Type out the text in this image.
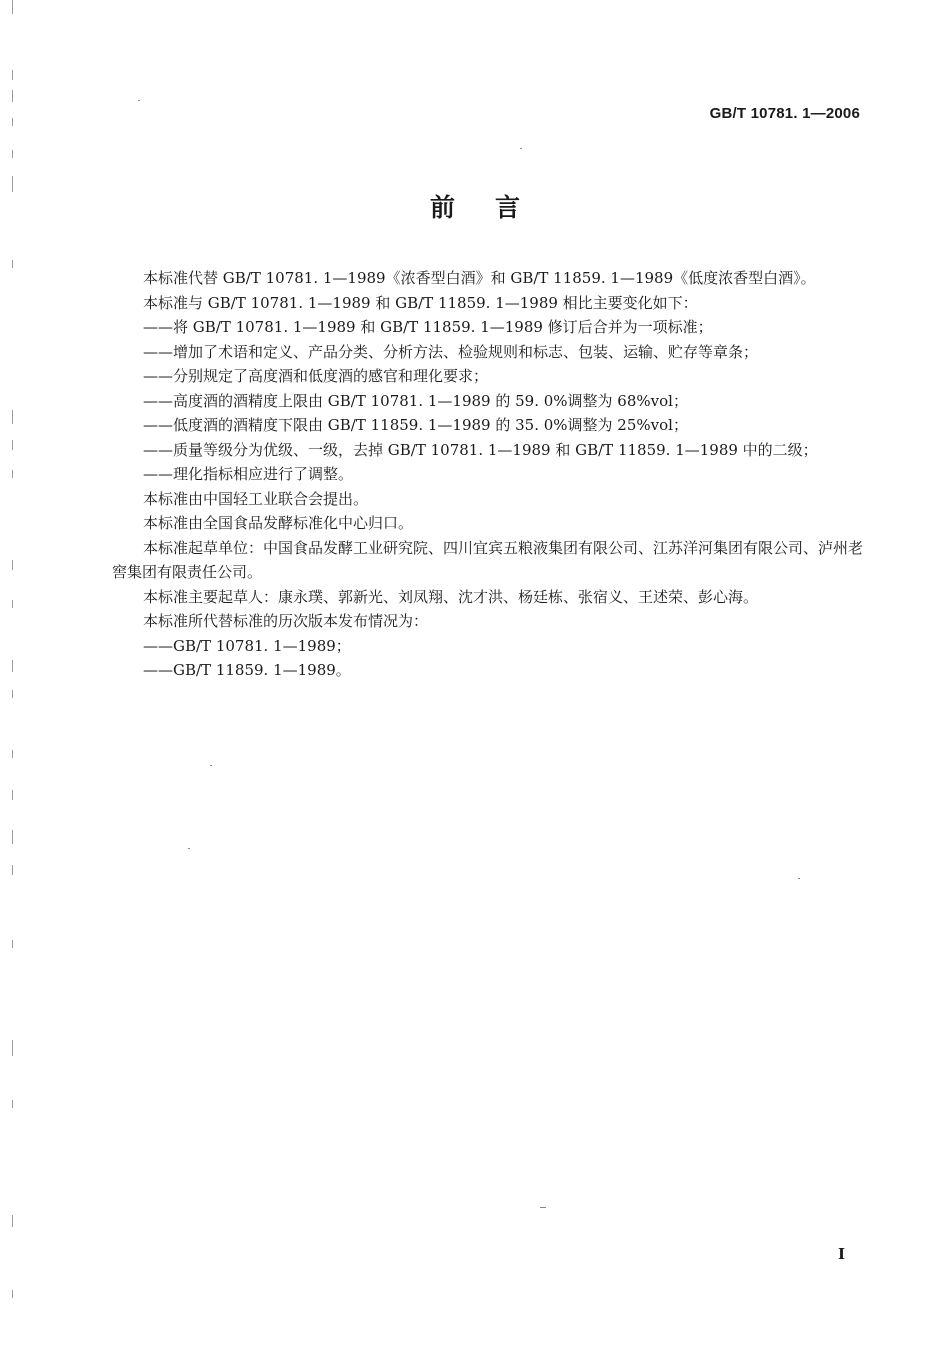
GB/T 10781. 1—2006
前言

本标准代替 GB/T 10781. 1—1989《浓香型白酒》和 GB/T 11859. 1—1989《低度浓香型白酒》。

本标准与 GB/T 10781. 1—1989 和 GB/T 11859. 1—1989 相比主要变化如下：

——将 GB/T 10781. 1—1989 和 GB/T 11859. 1—1989 修订后合并为一项标准；

——增加了术语和定义、产品分类、分析方法、检验规则和标志、包装、运输、贮存等章条；

——分别规定了高度酒和低度酒的感官和理化要求；

——高度酒的酒精度上限由 GB/T 10781. 1—1989 的 59. 0%调整为 68%vol；

——低度酒的酒精度下限由 GB/T 11859. 1—1989 的 35. 0%调整为 25%vol；

——质量等级分为优级、一级，去掉 GB/T 10781. 1—1989 和 GB/T 11859. 1—1989 中的二级；

——理化指标相应进行了调整。

本标准由中国轻工业联合会提出。

本标准由全国食品发酵标准化中心归口。

本标准起草单位：中国食品发酵工业研究院、四川宜宾五粮液集团有限公司、江苏洋河集团有限公司、泸州老窖集团有限责任公司。

本标准主要起草人：康永璞、郭新光、刘凤翔、沈才洪、杨廷栋、张宿义、王述荣、彭心海。

本标准所代替标准的历次版本发布情况为：

——GB/T 10781. 1—1989；

——GB/T 11859. 1—1989。

I
